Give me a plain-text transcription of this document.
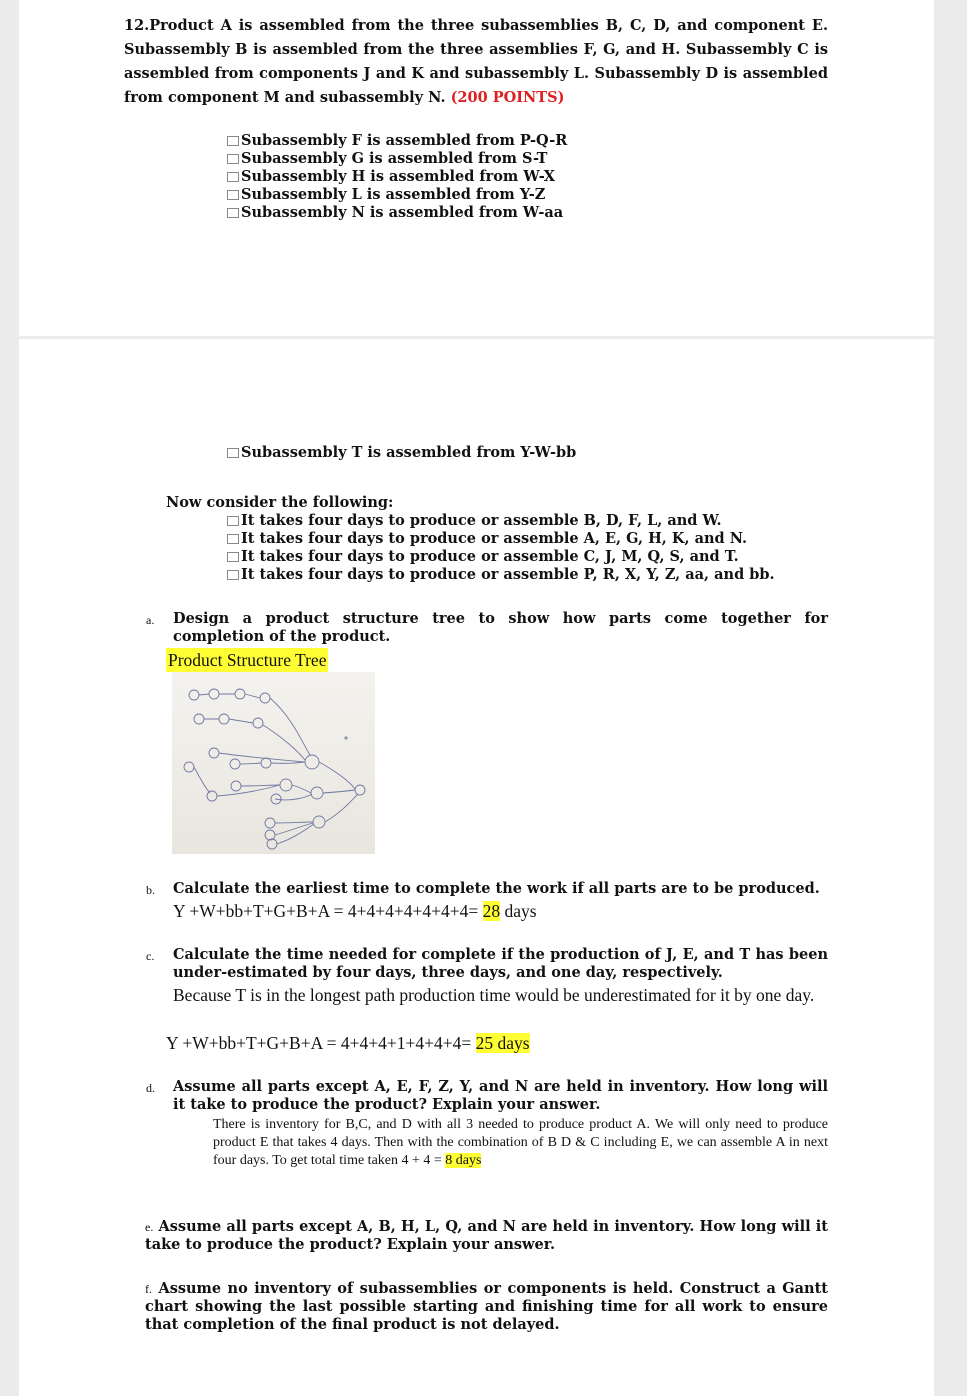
12.Product A is assembled from the three subassemblies B, C, D, and component E. Subassembly B is assembled from the three assemblies F, G, and H. Subassembly C is assembled from components J and K and subassembly L. Subassembly D is assembled from component M and subassembly N. (200 POINTS)
Subassembly F is assembled from P-Q-R
Subassembly G is assembled from S-T
Subassembly H is assembled from W-X
Subassembly L is assembled from Y-Z
Subassembly N is assembled from W-aa
Subassembly T is assembled from Y-W-bb
Now consider the following:
It takes four days to produce or assemble B, D, F, L, and W.
It takes four days to produce or assemble A, E, G, H, K, and N.
It takes four days to produce or assemble C, J, M, Q, S, and T.
It takes four days to produce or assemble P, R, X, Y, Z, aa, and bb.
a. Design a product structure tree to show how parts come together for completion of the product.
Product Structure Tree
b. Calculate the earliest time to complete the work if all parts are to be produced.
Y +W+bb+T+G+B+A = 4+4+4+4+4+4+4= 28 days
c. Calculate the time needed for complete if the production of J, E, and T has been under-estimated by four days, three days, and one day, respectively.
Because T is in the longest path production time would be underestimated for it by one day.
Y +W+bb+T+G+B+A = 4+4+4+1+4+4+4= 25 days
d. Assume all parts except A, E, F, Z, Y, and N are held in inventory. How long will it take to produce the product? Explain your answer.
There is inventory for B,C, and D with all 3 needed to produce product A. We will only need to produce product E that takes 4 days. Then with the combination of B D & C including E, we can assemble A in next four days. To get total time taken 4 + 4 = 8 days
e. Assume all parts except A, B, H, L, Q, and N are held in inventory. How long will it take to produce the product? Explain your answer.
f. Assume no inventory of subassemblies or components is held. Construct a Gantt chart showing the last possible starting and finishing time for all work to ensure that completion of the final product is not delayed.
